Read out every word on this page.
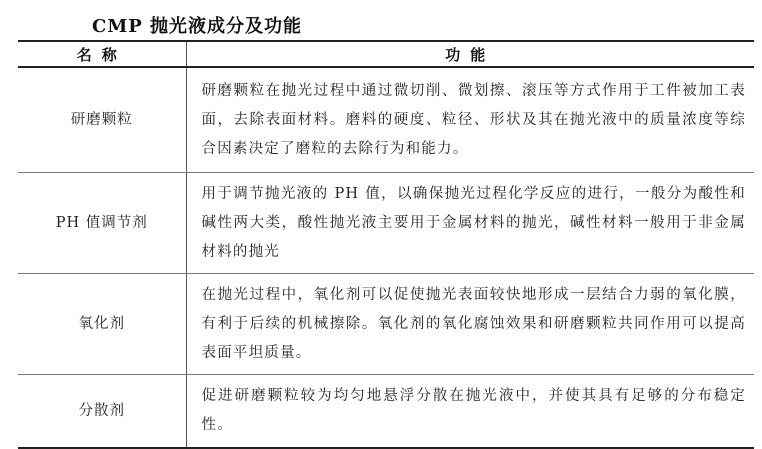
CMP 抛光液成分及功能
名称	功能
研磨颗粒	研磨颗粒在抛光过程中通过微切削、微划擦、滚压等方式作用于工件被加工表面，去除表面材料。磨料的硬度、粒径、形状及其在抛光液中的质量浓度等综合因素决定了磨粒的去除行为和能力。
PH 值调节剂	用于调节抛光液的 PH 值，以确保抛光过程化学反应的进行，一般分为酸性和碱性两大类，酸性抛光液主要用于金属材料的抛光，碱性材料一般用于非金属材料的抛光
氧化剂	在抛光过程中，氧化剂可以促使抛光表面较快地形成一层结合力弱的氧化膜，有利于后续的机械擦除。氧化剂的氧化腐蚀效果和研磨颗粒共同作用可以提高表面平坦质量。
分散剂	促进研磨颗粒较为均匀地悬浮分散在抛光液中，并使其具有足够的分布稳定性。
